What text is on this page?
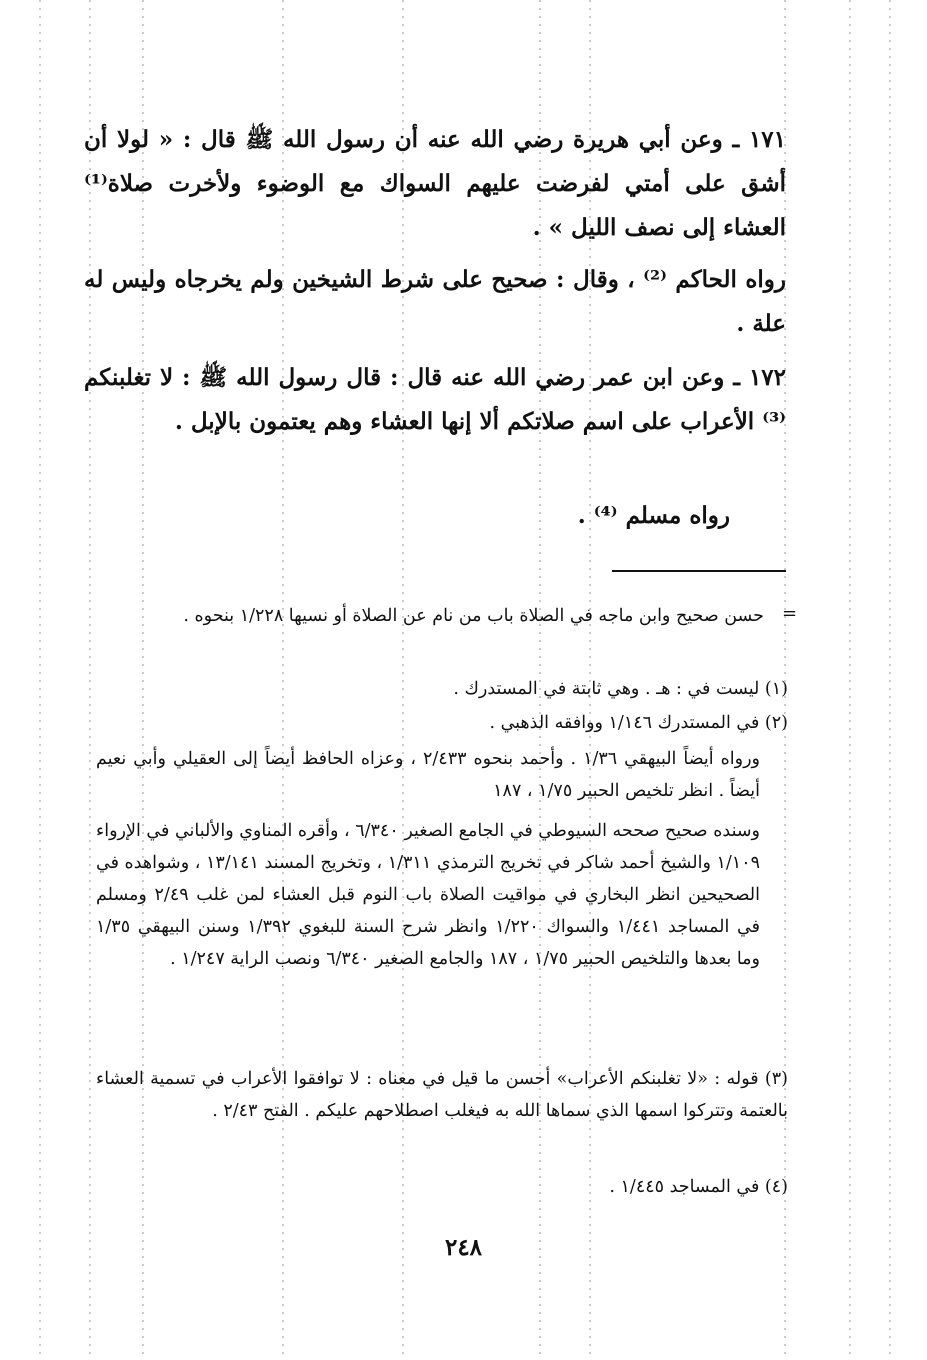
١٧١ ـ وعن أبي هريرة رضي الله عنه أن رسول الله ﷺ قال : « لولا أن أشق على أمتي لفرضت عليهم السواك مع الوضوء ولأخرت صلاة⁽¹⁾ العشاء إلى نصف الليل » .

رواه الحاكم ⁽²⁾ ، وقال : صحيح على شرط الشيخين ولم يخرجاه وليس له علة .

١٧٢ ـ وعن ابن عمر رضي الله عنه قال : قال رسول الله ﷺ : لا تغلبنكم ⁽³⁾ الأعراب على اسم صلاتكم ألا إنها العشاء وهم يعتمون بالإبل .

رواه مسلم ⁽⁴⁾ .

=

حسن صحيح وابن ماجه في الصلاة باب من نام عن الصلاة أو نسيها ١/٢٢٨ بنحوه .

(١) ليست في : هـ . وهي ثابتة في المستدرك .

(٢) في المستدرك ١/١٤٦ ووافقه الذهبي .

ورواه أيضاً البيهقي ١/٣٦ . وأحمد بنحوه ٢/٤٣٣ ، وعزاه الحافظ أيضاً إلى العقيلي وأبي نعيم أيضاً . انظر تلخيص الحبير ١/٧٥ ، ١٨٧

وسنده صحيح صححه السيوطي في الجامع الصغير ٦/٣٤٠ ، وأقره المناوي والألباني في الإرواء ١/١٠٩ والشيخ أحمد شاكر في تخريج الترمذي ١/٣١١ ، وتخريج المسند ١٣/١٤١ ، وشواهده في الصحيحين انظر البخاري في مواقيت الصلاة باب النوم قبل العشاء لمن غلب ٢/٤٩ ومسلم في المساجد ١/٤٤١ والسواك ١/٢٢٠ وانظر شرح السنة للبغوي ١/٣٩٢ وسنن البيهقي ١/٣٥ وما بعدها والتلخيص الحبير ١/٧٥ ، ١٨٧ والجامع الصغير ٦/٣٤٠ ونصب الراية ١/٢٤٧ .

(٣) قوله : «لا تغلبنكم الأعراب» أحسن ما قيل في معناه : لا توافقوا الأعراب في تسمية العشاء بالعتمة وتتركوا اسمها الذي سماها الله به فيغلب اصطلاحهم عليكم . الفتح ٢/٤٣ .

(٤) في المساجد ١/٤٤٥ .

٢٤٨
